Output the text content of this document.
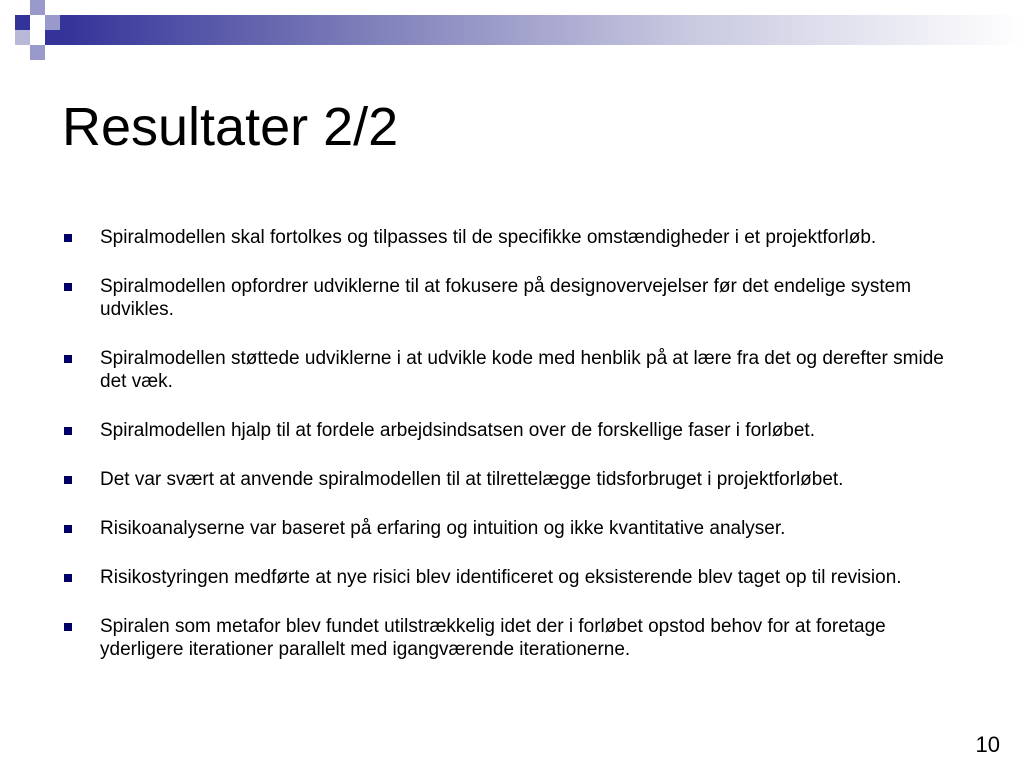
Resultater 2/2
Spiralmodellen skal fortolkes og tilpasses til de specifikke omstændigheder i et projektforløb.
Spiralmodellen opfordrer udviklerne til at fokusere på designovervejelser før det endelige system udvikles.
Spiralmodellen støttede udviklerne i at udvikle kode med henblik på at lære fra det og derefter smide det væk.
Spiralmodellen hjalp til at fordele arbejdsindsatsen over de forskellige faser i forløbet.
Det var svært at anvende spiralmodellen til at tilrettelægge tidsforbruget i projektforløbet.
Risikoanalyserne var baseret på erfaring og intuition og ikke kvantitative analyser.
Risikostyringen medførte at nye risici blev identificeret og eksisterende blev taget op til revision.
Spiralen som metafor blev fundet utilstrækkelig idet der i forløbet opstod behov for at foretage yderligere iterationer parallelt med igangværende iterationerne.
10
